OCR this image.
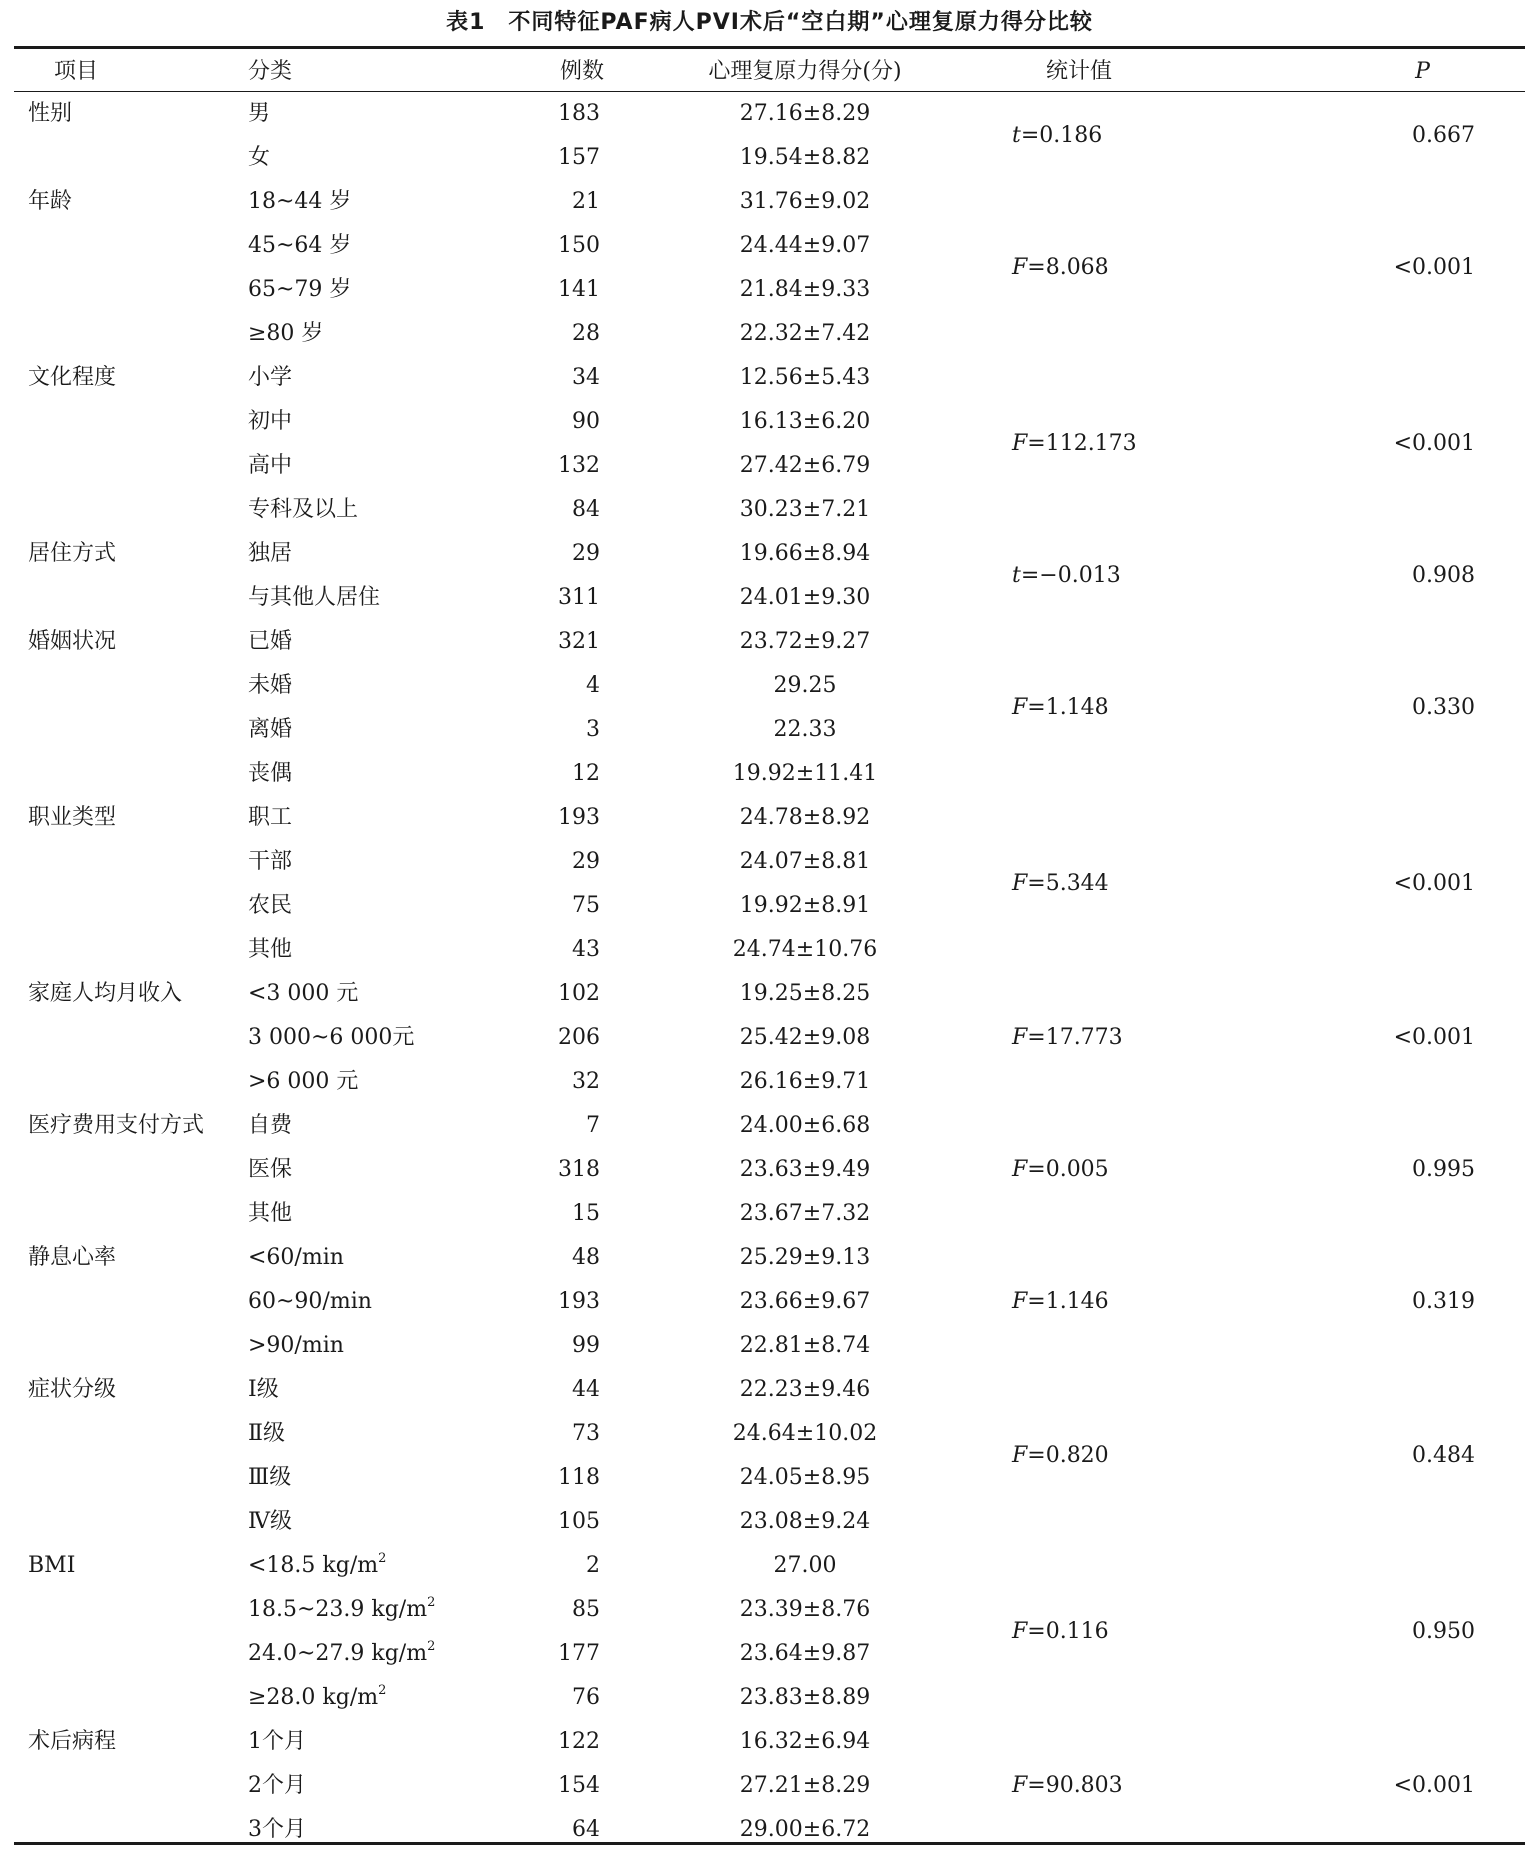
表1　不同特征PAF病人PVI术后“空白期”心理复原力得分比较
项目	分类	例数	心理复原力得分(分)	统计值	P
性别	男	183	27.16±8.29	t=0.186	0.667
	女	157	19.54±8.82		
年龄	18~44 岁	21	31.76±9.02	F=8.068	<0.001
	45~64 岁	150	24.44±9.07		
	65~79 岁	141	21.84±9.33		
	≥80 岁	28	22.32±7.42		
文化程度	小学	34	12.56±5.43	F=112.173	<0.001
	初中	90	16.13±6.20		
	高中	132	27.42±6.79		
	专科及以上	84	30.23±7.21		
居住方式	独居	29	19.66±8.94	t=−0.013	0.908
	与其他人居住	311	24.01±9.30		
婚姻状况	已婚	321	23.72±9.27	F=1.148	0.330
	未婚	4	29.25		
	离婚	3	22.33		
	丧偶	12	19.92±11.41		
职业类型	职工	193	24.78±8.92	F=5.344	<0.001
	干部	29	24.07±8.81		
	农民	75	19.92±8.91		
	其他	43	24.74±10.76		
家庭人均月收入	<3 000 元	102	19.25±8.25	F=17.773	<0.001
	3 000~6 000元	206	25.42±9.08		
	>6 000 元	32	26.16±9.71		
医疗费用支付方式	自费	7	24.00±6.68	F=0.005	0.995
	医保	318	23.63±9.49		
	其他	15	23.67±7.32		
静息心率	<60/min	48	25.29±9.13	F=1.146	0.319
	60~90/min	193	23.66±9.67		
	>90/min	99	22.81±8.74		
症状分级	Ⅰ级	44	22.23±9.46	F=0.820	0.484
	Ⅱ级	73	24.64±10.02		
	Ⅲ级	118	24.05±8.95		
	Ⅳ级	105	23.08±9.24		
BMI	<18.5 $kg/m^2$	2	27.00	F=0.116	0.950
	18.5~23.9 $kg/m^2$	85	23.39±8.76		
	24.0~27.9 $kg/m^2$	177	23.64±9.87		
	≥28.0 $kg/m^2$	76	23.83±8.89		
术后病程	1个月	122	16.32±6.94	F=90.803	<0.001
	2个月	154	27.21±8.29		
	3个月	64	29.00±6.72		
